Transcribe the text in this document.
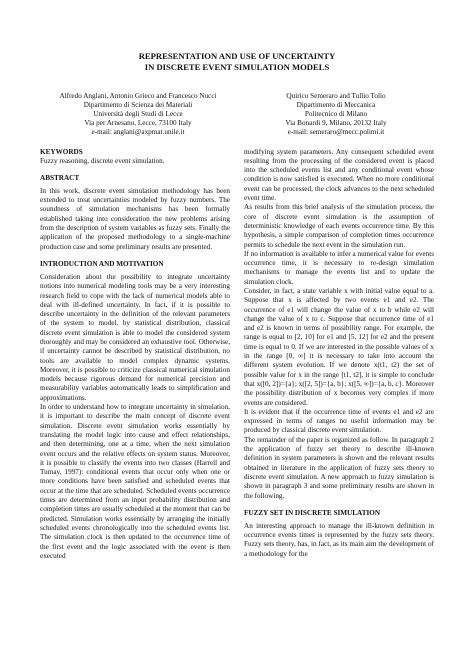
REPRESENTATION AND USE OF UNCERTAINTY
IN DISCRETE EVENT SIMULATION MODELS
Alfredo Anglani, Antonio Grieco and Francesco Nucci
Dipartimento di Scienza dei Materiali
Università degli Studi di Lecce
Via per Arnesano, Lecce, 73100 Italy
e-mail: anglani@axpmat.unile.it
Quirico Semeraro and Tullio Tolio
Dipartimento di Meccanica
Politecnico di Milano
Via Bonardi 9, Milano, 20132 Italy
e-mail: semeraro@mecc.polimi.it
KEYWORDS

Fuzzy reasoning, discrete event simulation.

ABSTRACT

In this work, discrete event simulation methodology has been extended to treat uncertainties modeled by fuzzy numbers. The soundness of simulation mechanisms has been formally established taking into consideration the new problems arising from the description of system variables as fuzzy sets. Finally the application of the proposed methodology to a single-machine production case and some preliminary results are presented.

INTRODUCTION AND MOTIVATION

Consideration about the possibility to integrate uncertainty notions into numerical modeling tools may be a very interesting research field to cope with the lack of numerical models able to deal with ill-defined uncertainty. In fact, if it is possible to describe uncertainty in the definition of the relevant parameters of the system to model, by statistical distribution, classical discrete event simulation is able to model the considered system thoroughly and may be considered an exhaustive tool. Otherwise, if uncertainty cannot be described by statistical distribution, no tools are available to model complex dynamic systems. Moreover, it is possible to criticize classical numerical simulation models because rigorous demand for numerical precision and measurability variables automatically leads to simplification and approximations.

In order to understand how to integrate uncertainty in simulation, it is important to describe the main concept of discrete event simulation. Discrete event simulation works essentially by translating the model logic into cause and effect relationships, and then determining, one at a time, when the next simulation event occurs and the relative effects on system status. Moreover, it is possible to classify the events into two classes (Harrell and Tumay, 1997): conditional events that occur only when one or more conditions have been satisfied and scheduled events that occur at the time that are scheduled. Scheduled events occurrence times are determined from an input probability distribution and completion times are usually scheduled at the moment that can be predicted. Simulation works essentially by arranging the initially scheduled events chronologically into the scheduled events list. The simulation clock is then updated to the occurrence time of the first event and the logic associated with the event is then executed

modifying system parameters. Any consequent scheduled event resulting from the processing of the considered event is placed into the scheduled events list and any conditional event whose condition is now satisfied is executed. When no more conditional event can be processed, the clock advances to the next scheduled event time.

As results from this brief analysis of the simulation process, the core of discrete event simulation is the assumption of deterministic knowledge of each events occurrence time. By this hypothesis, a simple comparison of completion times occurrence permits to schedule the next event in the simulation run.

If no information is available to infer a numerical value for events occurrence time, it is necessary to re-design simulation mechanisms to manage the events list and to update the simulation clock.

Consider, in fact, a state variable x with initial value equal to a. Suppose that x is affected by two events e1 and e2. The occurrence of e1 will change the value of x to b while e2 will change the value of x to c. Suppose that occurrence time of e1 and e2 is known in terms of possibility range. For example, the range is equal to [2, 10] for e1 and [5, 12] for e2 and the present time is equal to 0. If we are interested in the possible values of x in the range [0, ∞] it is necessary to take into account the different system evolution. If we denote x(t1, t2) the set of possible value for x in the range [t1, t2], it is simple to conclude that x([0, 2])={a}; x([2, 5])={a, b}; x([5, ∞])={a, b, c}. Moreover the possibility distribution of x becomes very complex if more events are considered.

It is evident that if the occurrence time of events e1 and e2 are expressed in terms of ranges no useful information may be produced by classical discrete event simulation.

The remainder of the paper is organized as follow. In paragraph 2 the application of fuzzy set theory to describe ill-known definition in system parameters is shown and the relevant results obtained in literature in the application of fuzzy sets theory to discrete event simulation. A new approach to fuzzy simulation is shown in paragraph 3 and some preliminary results are shown in the following.

FUZZY SET IN DISCRETE SIMULATION

An interesting approach to manage the ill-known definition in occurrence events times is represented by the fuzzy sets theory. Fuzzy sets theory, has, in fact, as its main aim the development of a methodology for the
